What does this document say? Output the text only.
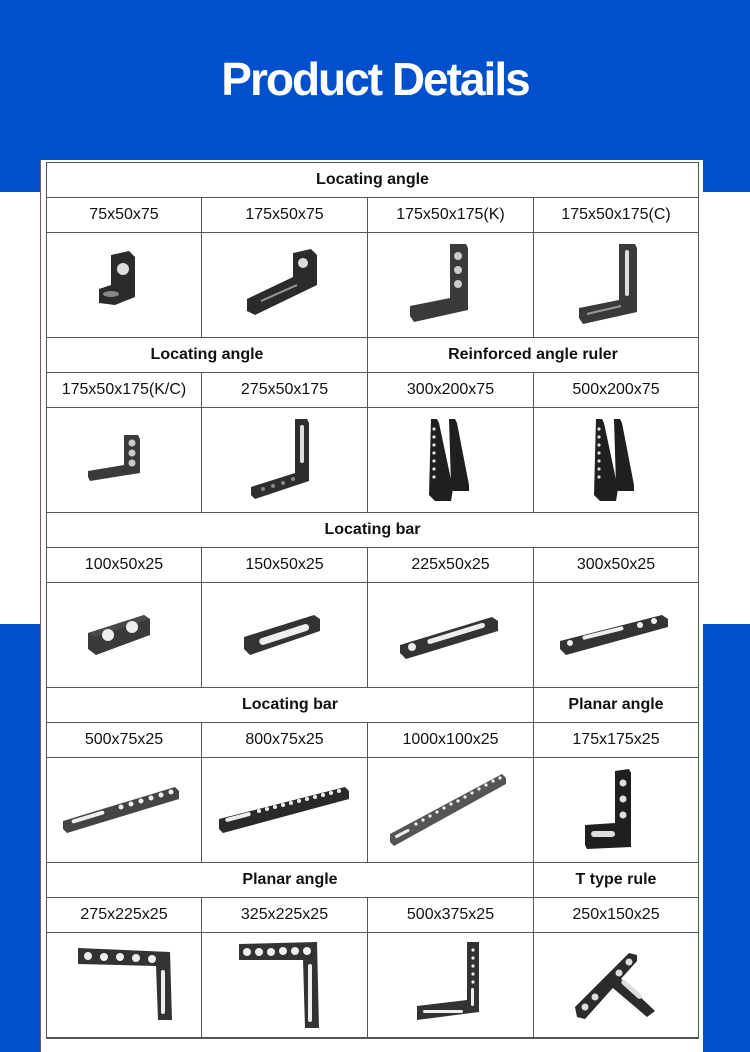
Product Details

Locating angle			
75x50x75	175x50x75	175x50x175(K)	175x50x175(C)

Locating angle		Reinforced angle ruler	
175x50x175(K/C)	275x50x175	300x200x75	500x200x75

Locating bar			
100x50x25	150x50x25	225x50x25	300x50x25

Locating bar			Planar angle
500x75x25	800x75x25	1000x100x25	175x175x25

Planar angle			T type rule
275x225x25	325x225x25	500x375x25	250x150x25
